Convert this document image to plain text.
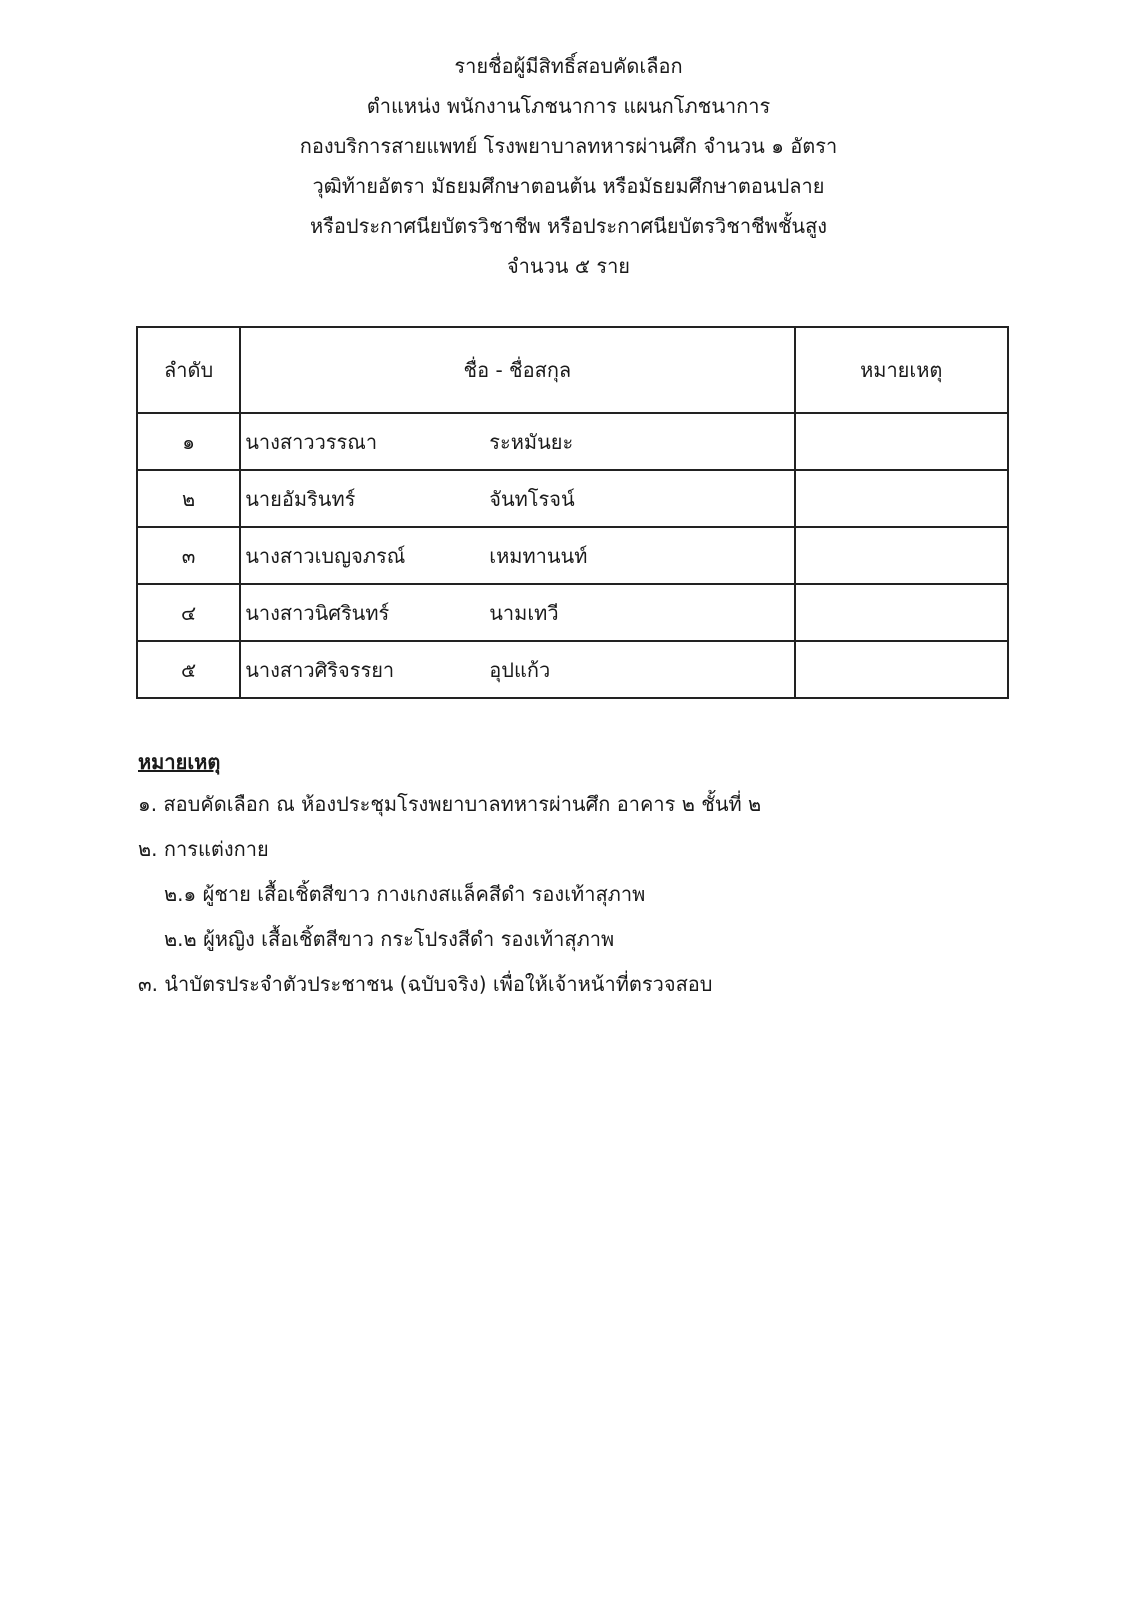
รายชื่อผู้มีสิทธิ์สอบคัดเลือก
ตำแหน่ง พนักงานโภชนาการ แผนกโภชนาการ
กองบริการสายแพทย์ โรงพยาบาลทหารผ่านศึก จำนวน ๑ อัตรา
วุฒิท้ายอัตรา มัธยมศึกษาตอนต้น หรือมัธยมศึกษาตอนปลาย
หรือประกาศนียบัตรวิชาชีพ หรือประกาศนียบัตรวิชาชีพชั้นสูง
จำนวน ๕ ราย
ลำดับ	ชื่อ - ชื่อสกุล	หมายเหตุ
๑	นางสาววรรณา ระหมันยะ	

๒	นายอัมรินทร์ จันทโรจน์	

๓	นางสาวเบญจภรณ์ เหมทานนท์	

๔	นางสาวนิศรินทร์ นามเทวี	

๕	นางสาวศิริจรรยา อุปแก้ว	

หมายเหตุ
๑. สอบคัดเลือก ณ ห้องประชุมโรงพยาบาลทหารผ่านศึก อาคาร ๒ ชั้นที่ ๒
๒. การแต่งกาย
๒.๑ ผู้ชาย เสื้อเชิ้ตสีขาว กางเกงสแล็คสีดำ รองเท้าสุภาพ
๒.๒ ผู้หญิง เสื้อเชิ้ตสีขาว กระโปรงสีดำ รองเท้าสุภาพ
๓. นำบัตรประจำตัวประชาชน (ฉบับจริง) เพื่อให้เจ้าหน้าที่ตรวจสอบ
